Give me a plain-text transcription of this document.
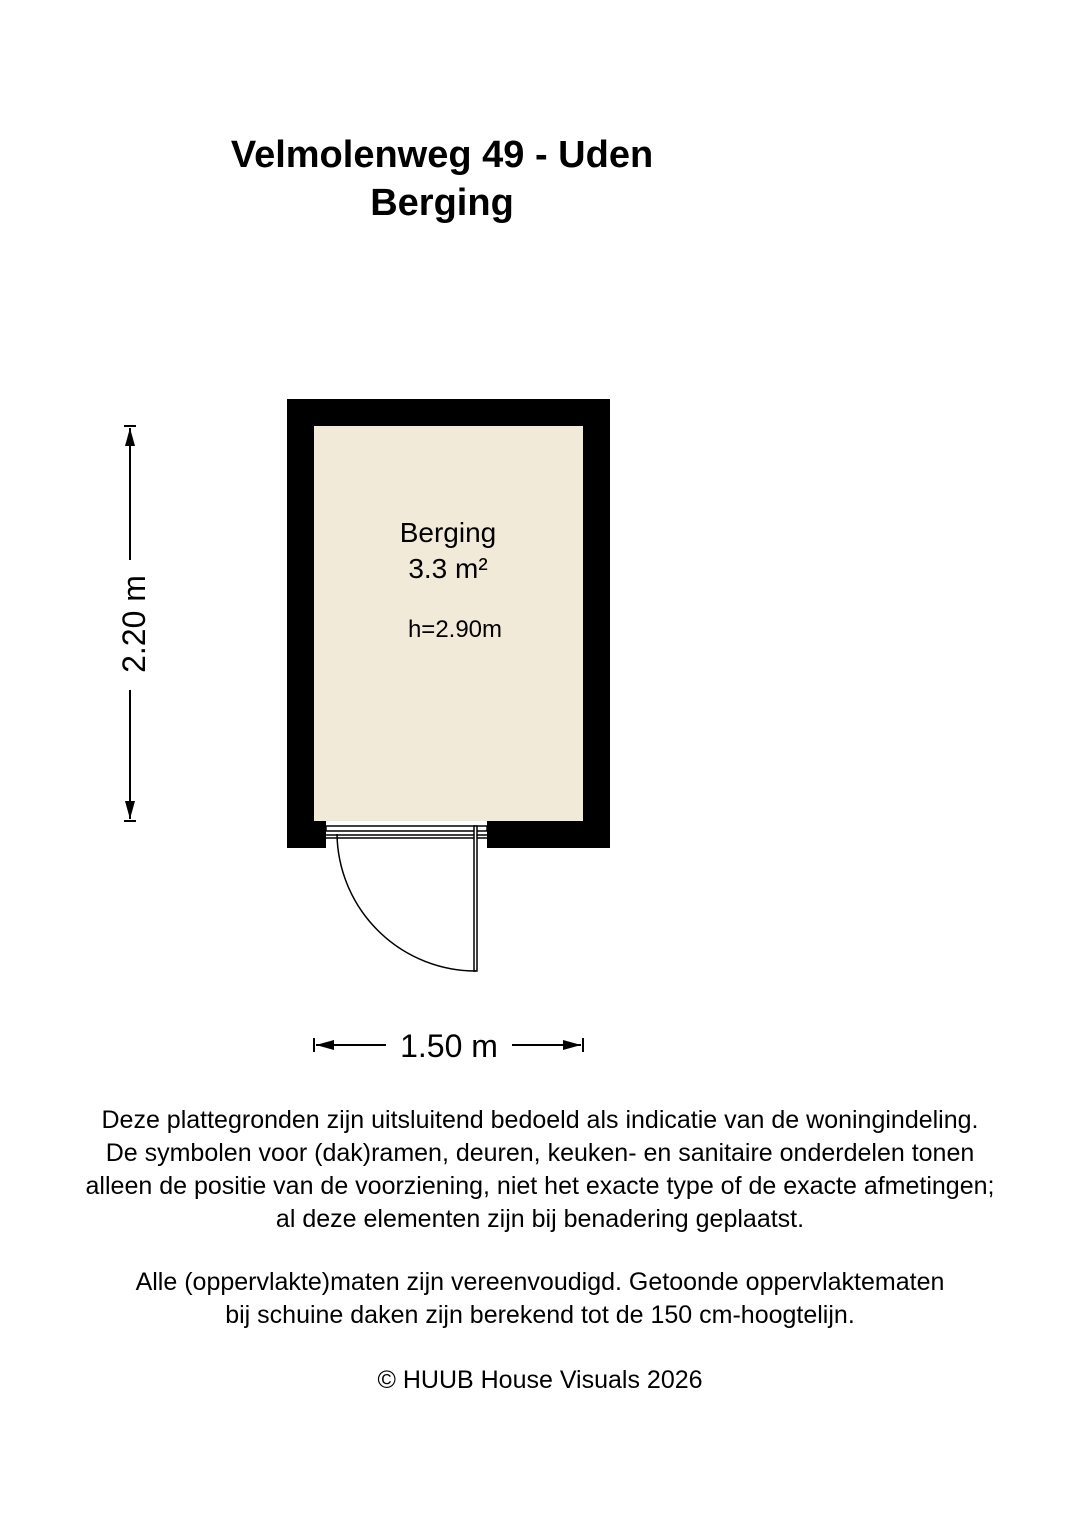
Velmolenweg 49 - Uden
Berging
Berging
3.3 m²
h=2.90m
2.20 m
1.50 m

Deze plattegronden zijn uitsluitend bedoeld als indicatie van de woningindeling.

De symbolen voor (dak)ramen, deuren, keuken- en sanitaire onderdelen tonen

alleen de positie van de voorziening, niet het exacte type of de exacte afmetingen;

al deze elementen zijn bij benadering geplaatst.

Alle (oppervlakte)maten zijn vereenvoudigd. Getoonde oppervlaktematen

bij schuine daken zijn berekend tot de 150 cm-hoogtelijn.

© HUUB House Visuals 2026
